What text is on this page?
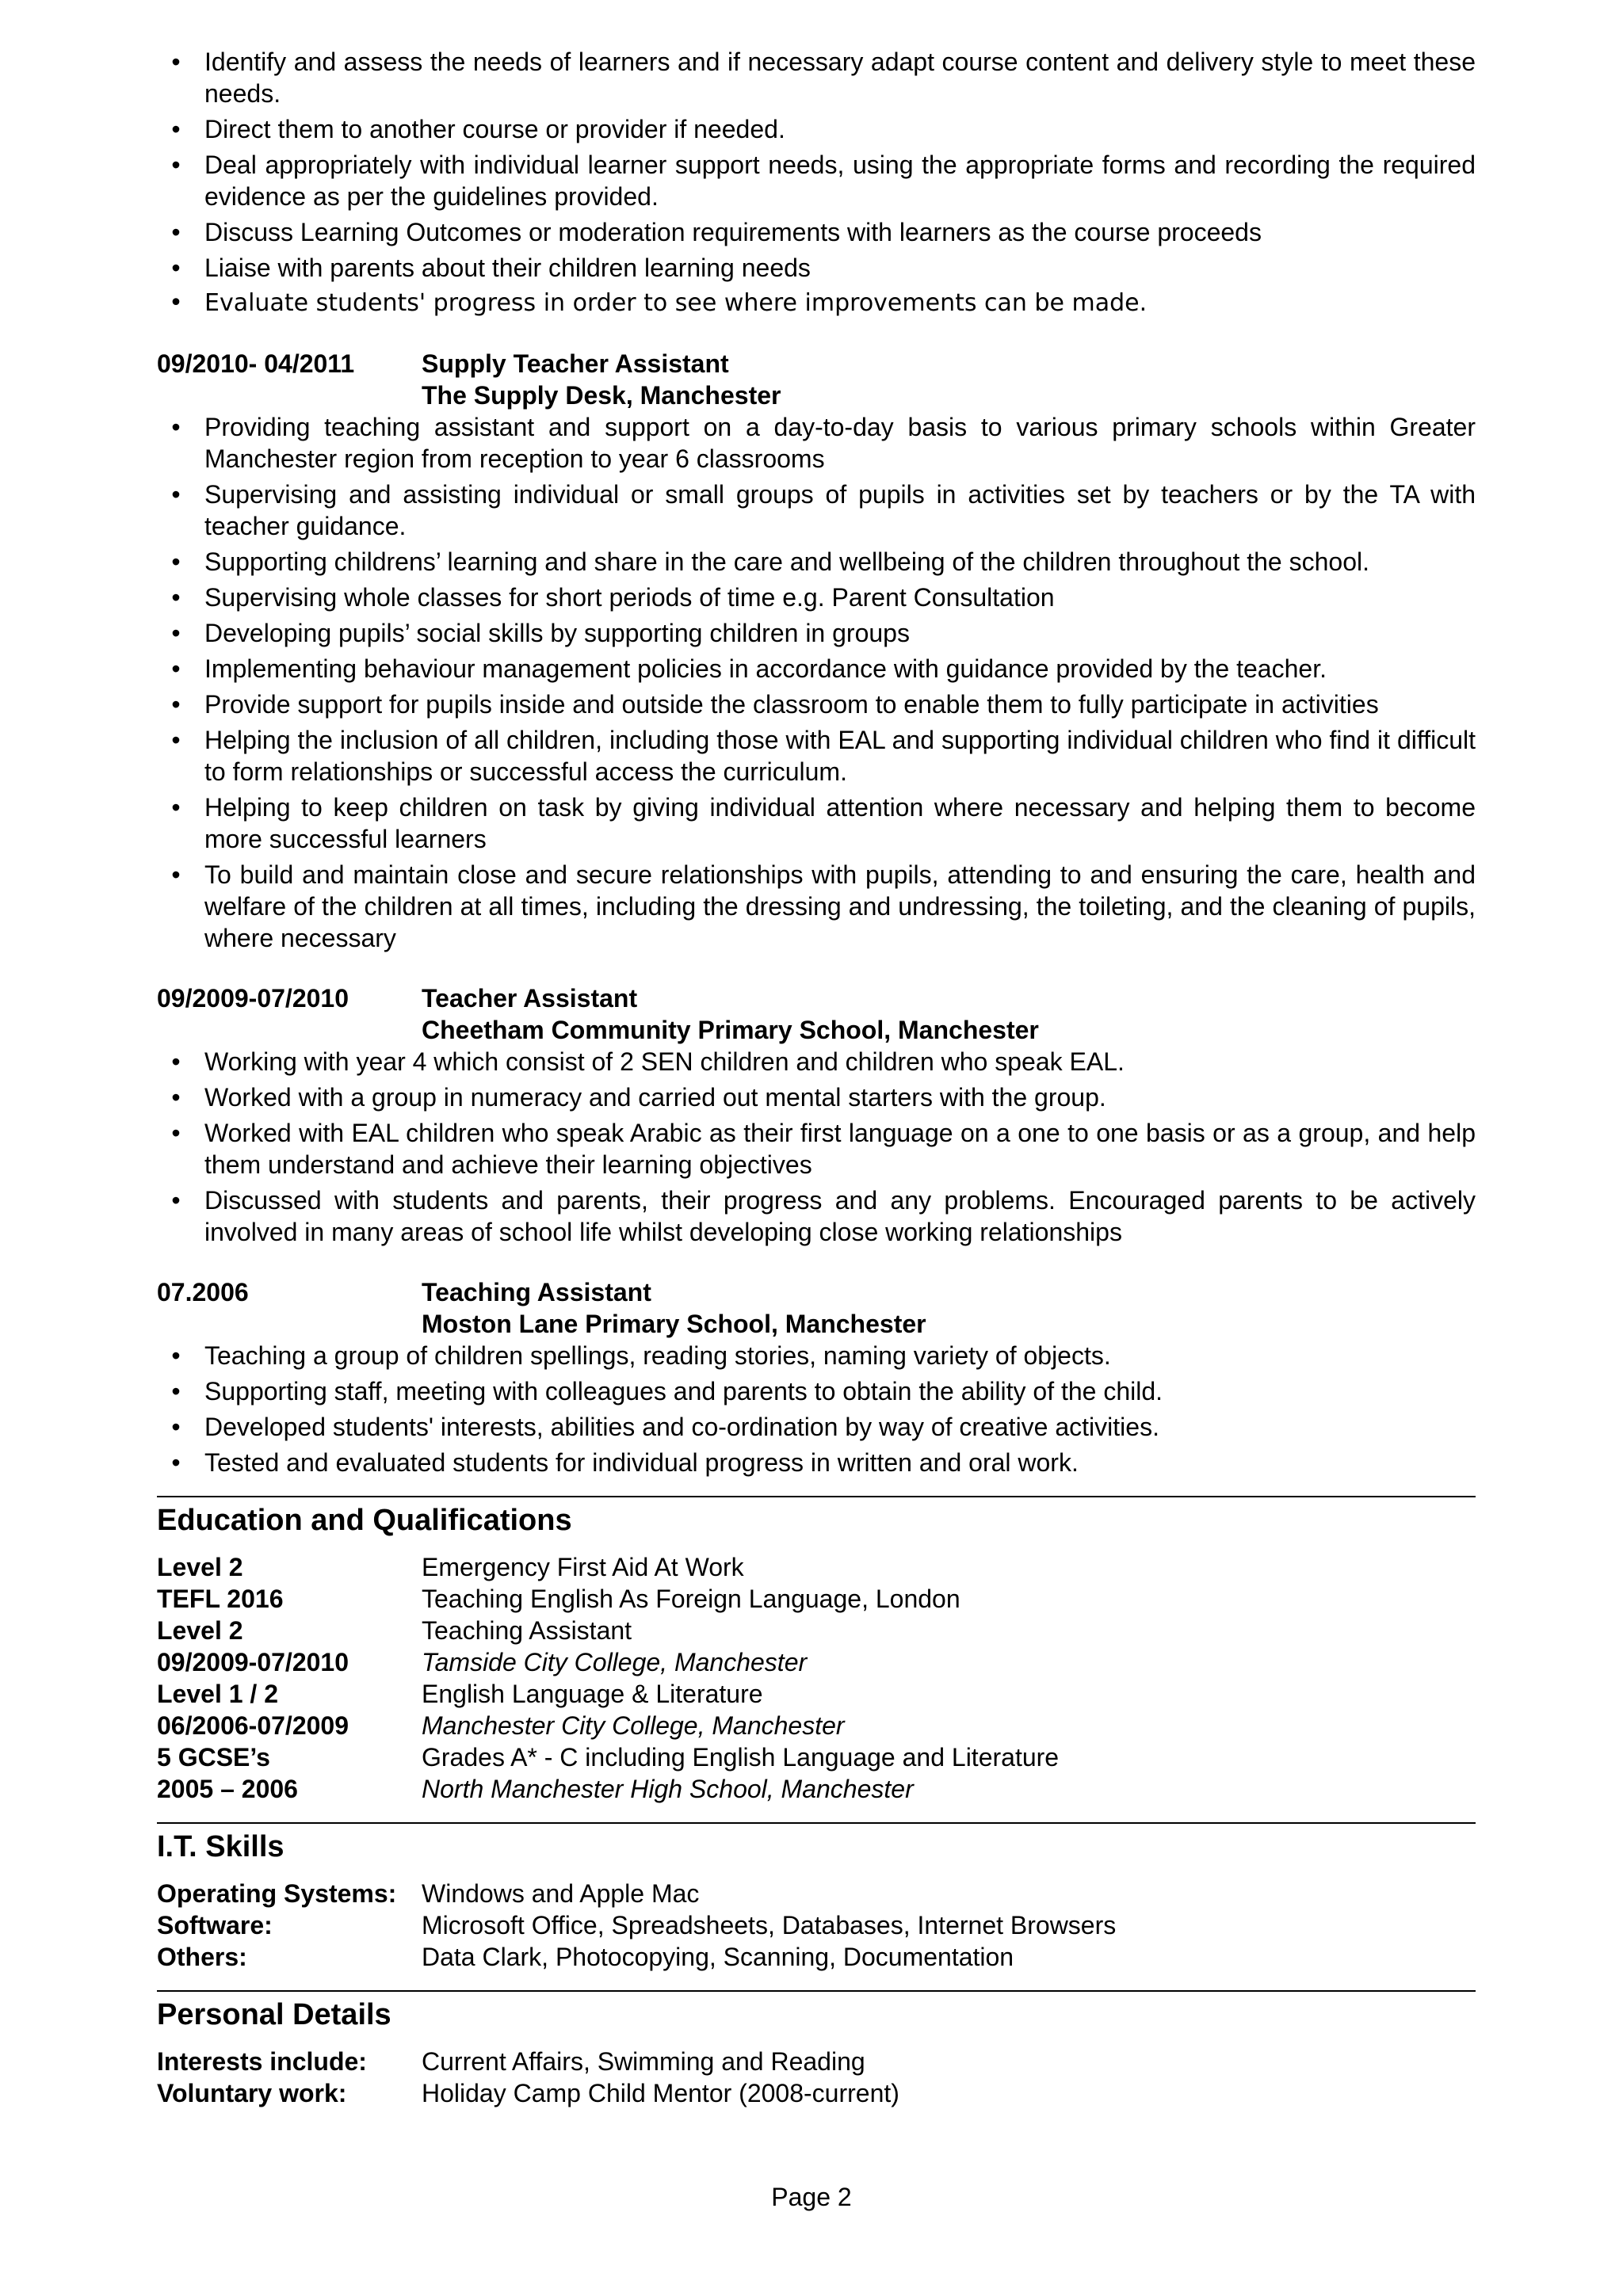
• Identify and assess the needs of learners and if necessary adapt course content and delivery style to meet these needs.
• Direct them to another course or provider if needed.
• Deal appropriately with individual learner support needs, using the appropriate forms and recording the required evidence as per the guidelines provided.
• Discuss Learning Outcomes or moderation requirements with learners as the course proceeds
• Liaise with parents about their children learning needs
• Evaluate students' progress in order to see where improvements can be made.
09/2010- 04/2011	Supply Teacher Assistant
The Supply Desk, Manchester
• Providing teaching assistant and support on a day-to-day basis to various primary schools within Greater Manchester region from reception to year 6 classrooms
• Supervising and assisting individual or small groups of pupils in activities set by teachers or by the TA with teacher guidance.
• Supporting childrens’ learning and share in the care and wellbeing of the children throughout the school.
• Supervising whole classes for short periods of time e.g. Parent Consultation
• Developing pupils’ social skills by supporting children in groups
• Implementing behaviour management policies in accordance with guidance provided by the teacher.
• Provide support for pupils inside and outside the classroom to enable them to fully participate in activities
• Helping the inclusion of all children, including those with EAL and supporting individual children who find it difficult to form relationships or successful access the curriculum.
• Helping to keep children on task by giving individual attention where necessary and helping them to become more successful learners
• To build and maintain close and secure relationships with pupils, attending to and ensuring the care, health and welfare of the children at all times, including the dressing and undressing, the toileting, and the cleaning of pupils, where necessary
09/2009-07/2010	Teacher Assistant
Cheetham Community Primary School, Manchester
• Working with year 4 which consist of 2 SEN children and children who speak EAL.
• Worked with a group in numeracy and carried out mental starters with the group.
• Worked with EAL children who speak Arabic as their first language on a one to one basis or as a group, and help them understand and achieve their learning objectives
• Discussed with students and parents, their progress and any problems. Encouraged parents to be actively involved in many areas of school life whilst developing close working relationships
07.2006	Teaching Assistant
Moston Lane Primary School, Manchester
• Teaching a group of children spellings, reading stories, naming variety of objects.
• Supporting staff, meeting with colleagues and parents to obtain the ability of the child.
• Developed students' interests, abilities and co-ordination by way of creative activities.
• Tested and evaluated students for individual progress in written and oral work.
Education and Qualifications
Level 2	Emergency First Aid At Work
TEFL 2016	Teaching English As Foreign Language, London
Level 2	Teaching Assistant
09/2009-07/2010	Tamside City College, Manchester
Level 1 / 2	English Language & Literature
06/2006-07/2009	Manchester City College, Manchester
5 GCSE’s	Grades A* - C including English Language and Literature
2005 – 2006	North Manchester High School, Manchester
I.T. Skills
Operating Systems: Windows and Apple Mac
Software:	Microsoft Office, Spreadsheets, Databases, Internet Browsers
Others:	Data Clark, Photocopying, Scanning, Documentation
Personal Details
Interests include:	Current Affairs, Swimming and Reading
Voluntary work:	Holiday Camp Child Mentor (2008-current)
Page 2
